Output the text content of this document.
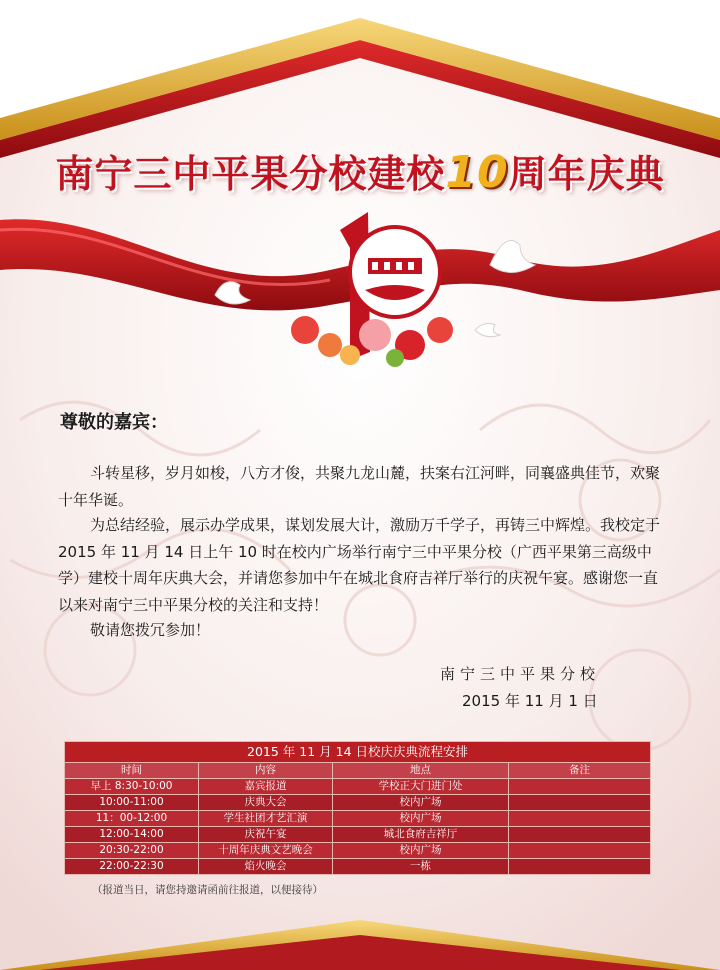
南宁三中平果分校建校10周年庆典
尊敬的嘉宾：
斗转星移，岁月如梭，八方才俊，共聚九龙山麓，扶案右江河畔，同襄盛典佳节，欢聚十年华诞。
为总结经验，展示办学成果，谋划发展大计，激励万千学子，再铸三中辉煌。我校定于 2015 年 11 月 14 日上午 10 时在校内广场举行南宁三中平果分校（广西平果第三高级中学）建校十周年庆典大会，并请您参加中午在城北食府吉祥厅举行的庆祝午宴。感谢您一直以来对南宁三中平果分校的关注和支持！
敬请您拨冗参加！
南宁三中平果分校
2015 年 11 月 1 日
2015 年 11 月 14 日校庆庆典流程安排
时间	内容	地点	备注
早上 8:30-10:00	嘉宾报道	学校正大门进门处	
10:00-11:00	庆典大会	校内广场	
11：00-12:00	学生社团才艺汇演	校内广场	
12:00-14:00	庆祝午宴	城北食府吉祥厅	
20:30-22:00	十周年庆典文艺晚会	校内广场	
22:00-22:30	焰火晚会	一栋	
（报道当日，请您持邀请函前往报道，以便接待）
